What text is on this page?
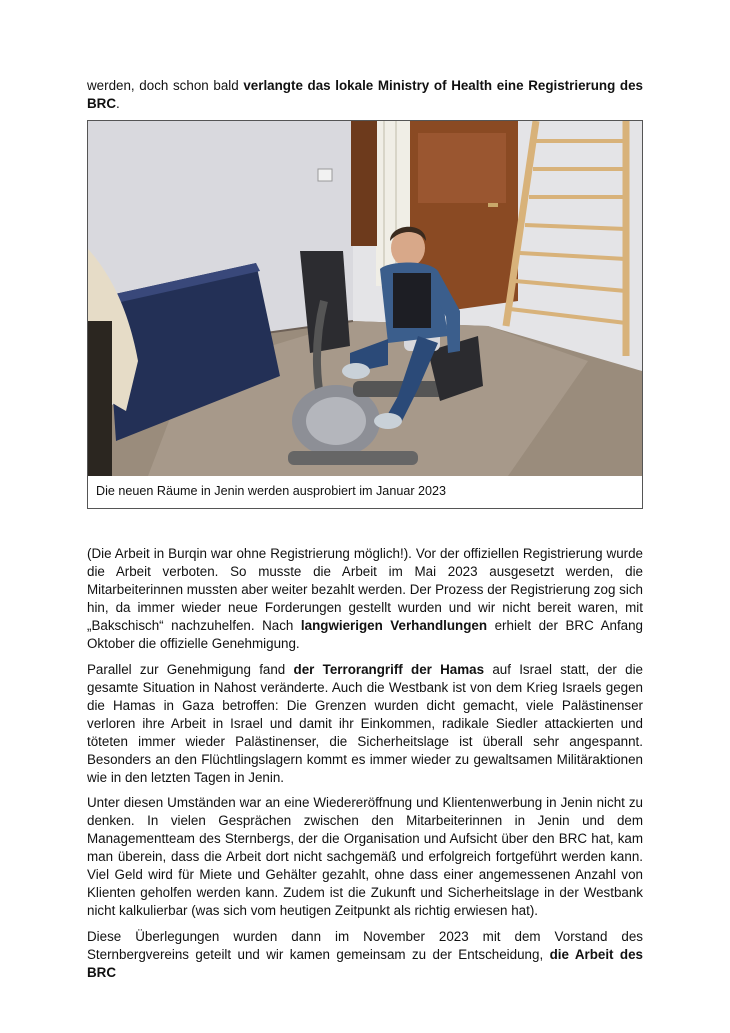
werden, doch schon bald verlangte das lokale Ministry of Health eine Registrierung des BRC.

Die neuen Räume in Jenin werden ausprobiert im Januar 2023

(Die Arbeit in Burqin war ohne Registrierung möglich!). Vor der offiziellen Registrierung wurde die Arbeit verboten. So musste die Arbeit im Mai 2023 ausgesetzt werden, die Mitarbeiterinnen mussten aber weiter bezahlt werden. Der Prozess der Registrierung zog sich hin, da immer wieder neue Forderungen gestellt wurden und wir nicht bereit waren, mit „Bakschisch“ nachzuhelfen. Nach langwierigen Verhandlungen erhielt der BRC Anfang Oktober die offizielle Genehmigung.

Parallel zur Genehmigung fand der Terrorangriff der Hamas auf Israel statt, der die gesamte Situation in Nahost veränderte. Auch die Westbank ist von dem Krieg Israels gegen die Hamas in Gaza betroffen: Die Grenzen wurden dicht gemacht, viele Palästinenser verloren ihre Arbeit in Israel und damit ihr Einkommen, radikale Siedler attackierten und töteten immer wieder Palästinenser, die Sicherheitslage ist überall sehr angespannt. Besonders an den Flüchtlingslagern kommt es immer wieder zu gewaltsamen Militäraktionen wie in den letzten Tagen in Jenin.

Unter diesen Umständen war an eine Wiedereröffnung und Klientenwerbung in Jenin nicht zu denken. In vielen Gesprächen zwischen den Mitarbeiterinnen in Jenin und dem Managementteam des Sternbergs, der die Organisation und Aufsicht über den BRC hat, kam man überein, dass die Arbeit dort nicht sachgemäß und erfolgreich fortgeführt werden kann. Viel Geld wird für Miete und Gehälter gezahlt, ohne dass einer angemessenen Anzahl von Klienten geholfen werden kann. Zudem ist die Zukunft und Sicherheitslage in der Westbank nicht kalkulierbar (was sich vom heutigen Zeitpunkt als richtig erwiesen hat).

Diese Überlegungen wurden dann im November 2023 mit dem Vorstand des Sternbergvereins geteilt und wir kamen gemeinsam zu der Entscheidung, die Arbeit des BRC
